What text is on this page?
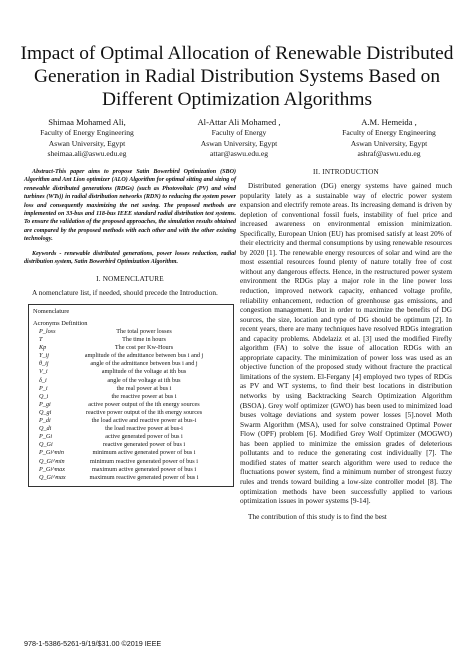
Impact of Optimal Allocation of Renewable Distributed Generation in Radial Distribution Systems Based on Different Optimization Algorithms
Shimaa Mohamed Ali,
Faculty of Energy Engineering
Aswan University, Egypt
sheimaa.ali@aswu.edu.eg
Al-Attar Ali Mohamed ,
Faculty of Energy
Aswan University, Egypt
attar@aswu.edu.eg
A.M. Hemeida ,
Faculty of Energy Engineering
Aswan University, Egypt
ashraf@aswu.edu.eg

Abstract-This paper aims to propose Satin Bowerbird Optimization (SBO) Algorithm and Ant Lion optimizer (ALO) Algorithm for optimal sitting and sizing of renewable distributed generations (RDGs) (such as Photovoltaic (PV) and wind turbines (WTs)) in radial distribution networks (RDN) to reducing the system power loss and consequently maximizing the net saving. The proposed methods are implemented on 33-bus and 118-bus IEEE standard radial distribution test systems. To ensure the validation of the proposed approaches, the simulation results obtained are compared by the proposed methods with each other and with the other existing technology.

Keywords - renewable distributed generations, power losses reduction, radial distribution system, Satin Bowerbird Optimization Algorithm.

I. NOMENCLATURE

A nomenclature list, if needed, should precede the Introduction.

Nomenclature
Acronyms Definition
P_loss	The total power losses
T	The time in hours
Kp	The cost per Kw-Hours
Y_ij	amplitude of the admittance between bus i and j
θ_ij	angle of the admittance between bus i and j
V_i	amplitude of the voltage at ith bus
δ_i	angle of the voltage at ith bus
P_i	the real power at bus i
Q_i	the reactive power at bus i
P_gi	active power output of the ith energy sources
Q_gi	reactive power output of the ith energy sources
P_di	the load active and reactive power at bus-i
Q_di	the load reactive power at bus-i
P_Gi	active generated power of bus i
Q_Gi	reactive generated power of bus i
P_Gi^min	minimum active generated power of bus i
Q_Gi^min	minimum reactive generated power of bus i
P_Gi^max	maximum active generated power of bus i
Q_Gi^max	maximum reactive generated power of bus i
II. INTRODUCTION

Distributed generation (DG) energy systems have gained much popularity lately as a sustainable way of electric power system expansion and electrify remote areas. Its increasing demand is driven by depletion of conventional fossil fuels, instability of fuel price and increased awareness on environmental emission minimization. Specifically, European Union (EU) has promised satisfy at least 20% of their electricity and thermal consumptions by using renewable resources by 2020 [1]. The renewable energy resources of solar and wind are the most essential resources found plenty of nature totally free of cost without any dangerous effects. Hence, in the restructured power system environment the RDGs play a major role in the line power loss reduction, improved network capacity, enhanced voltage profile, reliability enhancement, reduction of greenhouse gas emissions, and congestion management. But in order to maximize the benefits of DG sources, the size, location and type of DG should be optimum [2]. In recent years, there are many techniques have resolved RDGs integration and capacity problems. Abdelaziz et al. [3] used the modified Firefly algorithm (FA) to solve the issue of allocation RDGs with an appropriate capacity. The minimization of power loss was used as an objective function of the proposed study without fracture the practical limitations of the system. El-Fergany [4] employed two types of RDGs as PV and WT systems, to find their best locations in distribution networks by using Backtracking Search Optimization Algorithm (BSOA). Grey wolf optimizer (GWO) has been used to minimized load buses voltage deviations and system power losses [5].novel Moth Swarm Algorithm (MSA), used for solve constrained Optimal Power Flow (OPF) problem [6]. Modified Grey Wolf Optimizer (MOGWO) has been applied to minimize the emission grades of deleterious pollutants and to reduce the generating cost individually [7]. The modified states of matter search algorithm were used to reduce the fluctuations power system, find a minimum number of strongest fuzzy rules and trends toward building a low-size controller model [8]. The optimization methods have been successfully applied to various optimization issues in power systems [9-14].

The contribution of this study is to find the best

978-1-5386-5261-9/19/$31.00 ©2019 IEEE
